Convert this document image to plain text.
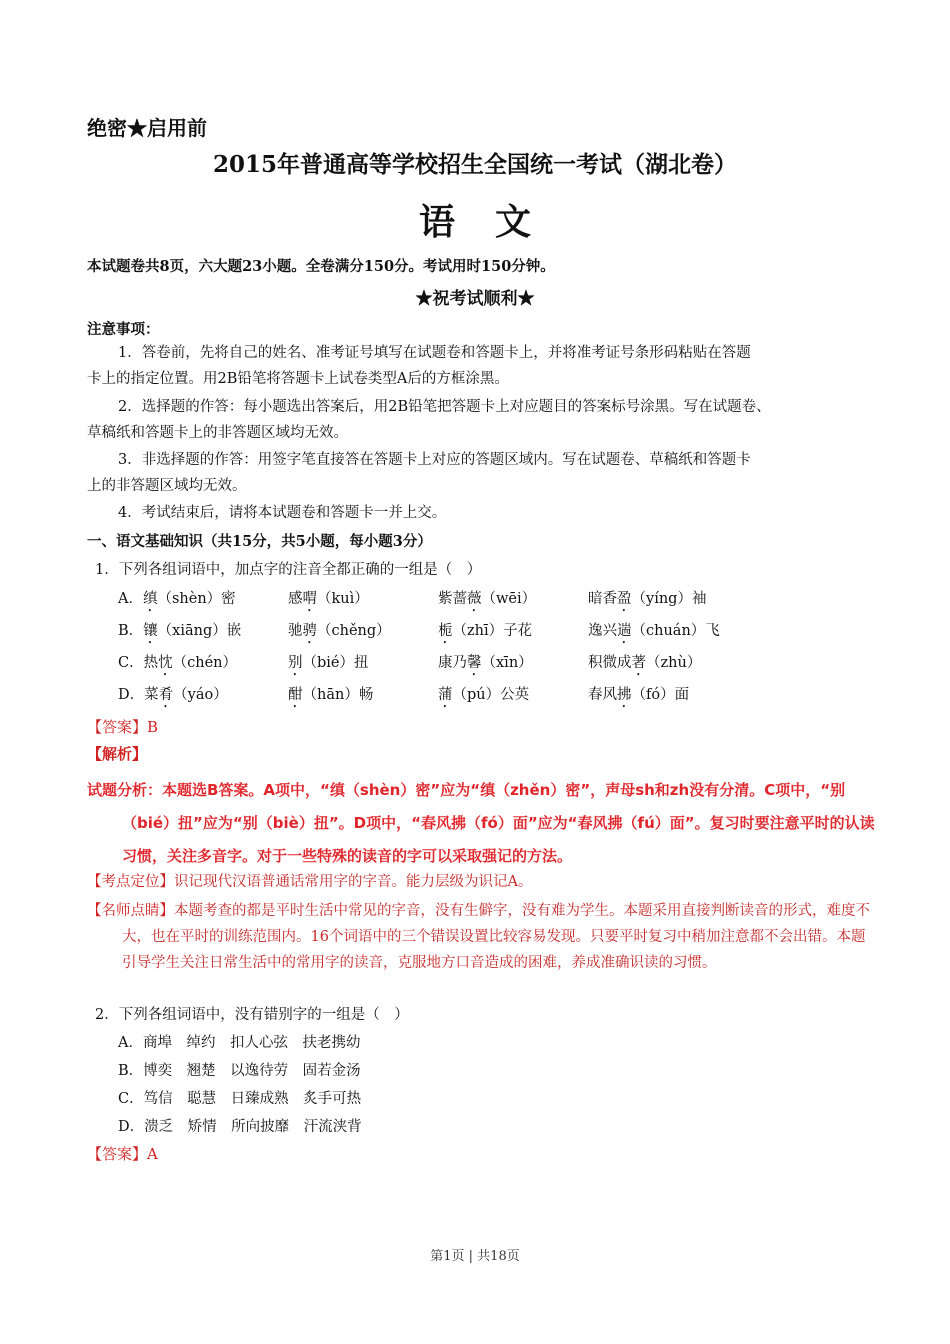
绝密★启用前
2015年普通高等学校招生全国统一考试（湖北卷）
语文
本试题卷共8页，六大题23小题。全卷满分150分。考试用时150分钟。
★祝考试顺利★
注意事项：
1．答卷前，先将自己的姓名、准考证号填写在试题卷和答题卡上，并将准考证号条形码粘贴在答题
卡上的指定位置。用2B铅笔将答题卡上试卷类型A后的方框涂黑。
2．选择题的作答：每小题选出答案后，用2B铅笔把答题卡上对应题目的答案标号涂黑。写在试题卷、
草稿纸和答题卡上的非答题区域均无效。
3．非选择题的作答：用签字笔直接答在答题卡上对应的答题区域内。写在试题卷、草稿纸和答题卡
上的非答题区域均无效。
4．考试结束后，请将本试题卷和答题卡一并上交。
一、语文基础知识（共15分，共5小题，每小题3分）
1．下列各组词语中，加点字的注音全都正确的一组是（　）
A．缜（shèn）密	感喟（kuì）	紫蔷薇（wēi）	暗香盈（yíng）袖
B．镶（xiāng）嵌	驰骋（chěng）	栀（zhī）子花	逸兴遄（chuán）飞
C．热忱（chén）	别（bié）扭	康乃馨（xīn）	积微成著（zhù）
D．菜肴（yáo）	酣（hān）畅	蒲（pú）公英	春风拂（fó）面
【答案】B
【解析】
试题分析：本题选B答案。A项中，“缜（shèn）密”应为“缜（zhěn）密”，声母sh和zh没有分清。C项中，“别（bié）扭”应为“别（biè）扭”。D项中，“春风拂（fó）面”应为“春风拂（fú）面”。复习时要注意平时的认读习惯，关注多音字。对于一些特殊的读音的字可以采取强记的方法。
【考点定位】识记现代汉语普通话常用字的字音。能力层级为识记A。
【名师点睛】本题考查的都是平时生活中常见的字音，没有生僻字，没有难为学生。本题采用直接判断读音的形式，难度不大，也在平时的训练范围内。16个词语中的三个错误设置比较容易发现。只要平时复习中稍加注意都不会出错。本题引导学生关注日常生活中的常用字的读音，克服地方口音造成的困难，养成准确识读的习惯。
2．下列各组词语中，没有错别字的一组是（　）
A．商埠　 绰约　 扣人心弦　 扶老携幼
B．博奕　 翘楚　 以逸待劳　 固若金汤
C．笃信　 聪慧　 日臻成熟　 炙手可热
D．溃乏　 矫情　 所向披靡　 汗流浃背
【答案】A
第1页 | 共18页
